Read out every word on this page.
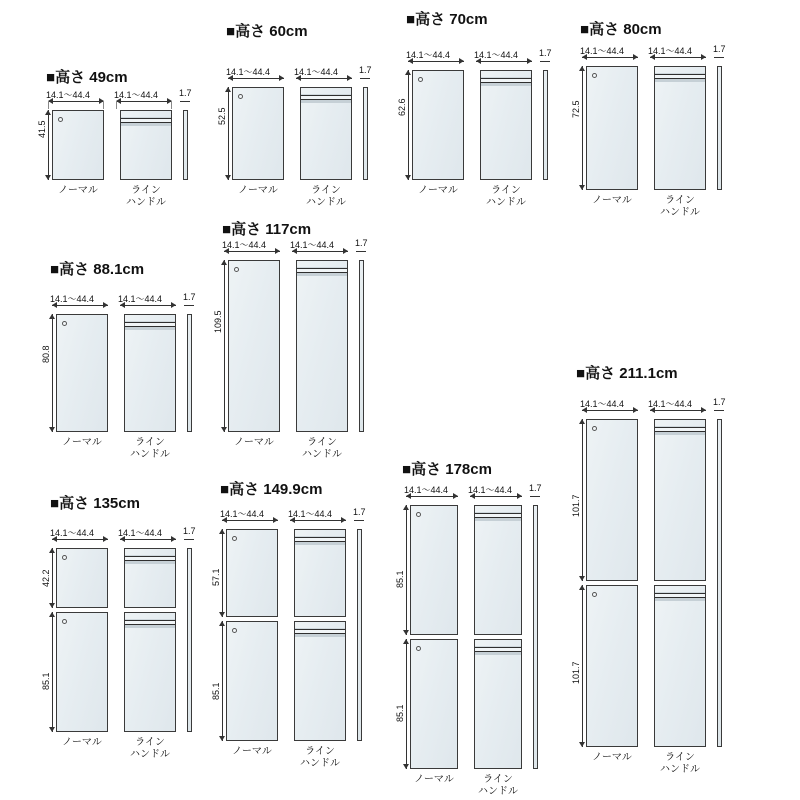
■高さ 49cm
14.1〜44.4	14.1〜44.4 1.7
41.5
ノーマル	ライン
ハンドル
■高さ 60cm
14.1〜44.4	14.1〜44.4 1.7
52.5
ノーマル	ライン
ハンドル
■高さ 70cm
14.1〜44.4	14.1〜44.4 1.7
62.6
ノーマル	ライン
ハンドル
■高さ 80cm
14.1〜44.4	14.1〜44.4 1.7
72.5
ノーマル	ライン
ハンドル
■高さ 88.1cm
14.1〜44.4	14.1〜44.4 1.7
80.8
ノーマル	ライン
ハンドル
■高さ 117cm
14.1〜44.4	14.1〜44.4 1.7
109.5
ノーマル	ライン
ハンドル
■高さ 135cm
14.1〜44.4	14.1〜44.4 1.7
42.2
85.1
ノーマル	ライン
ハンドル
■高さ 149.9cm
14.1〜44.4	14.1〜44.4 1.7
57.1
85.1
ノーマル	ライン
ハンドル
■高さ 178cm
14.1〜44.4 14.1〜44.4 1.7
85.1
85.1
ノーマル	ライン
ハンドル
■高さ 211.1cm
14.1〜44.4	14.1〜44.4 1.7
101.7
101.7
ノーマル	ライン
ハンドル
